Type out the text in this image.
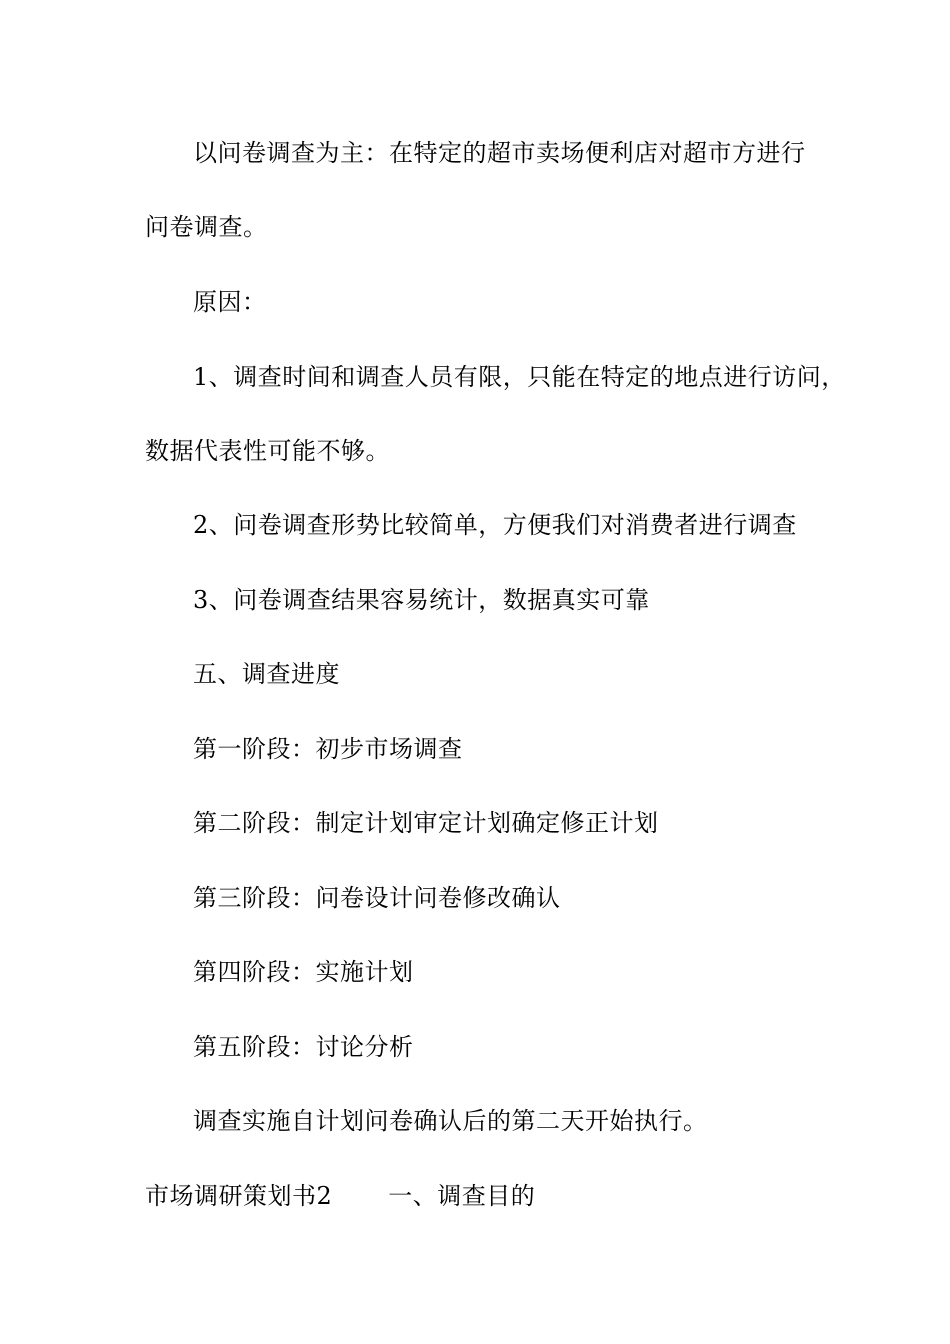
以问卷调查为主：在特定的超市卖场便利店对超市方进行
问卷调查。
原因：
1、调查时间和调查人员有限，只能在特定的地点进行访问，
数据代表性可能不够。
2、问卷调查形势比较简单，方便我们对消费者进行调查
3、问卷调查结果容易统计，数据真实可靠
五、调查进度
第一阶段：初步市场调查
第二阶段：制定计划审定计划确定修正计划
第三阶段：问卷设计问卷修改确认
第四阶段：实施计划
第五阶段：讨论分析
调查实施自计划问卷确认后的第二天开始执行。
市场调研策划书2 一、调查目的
